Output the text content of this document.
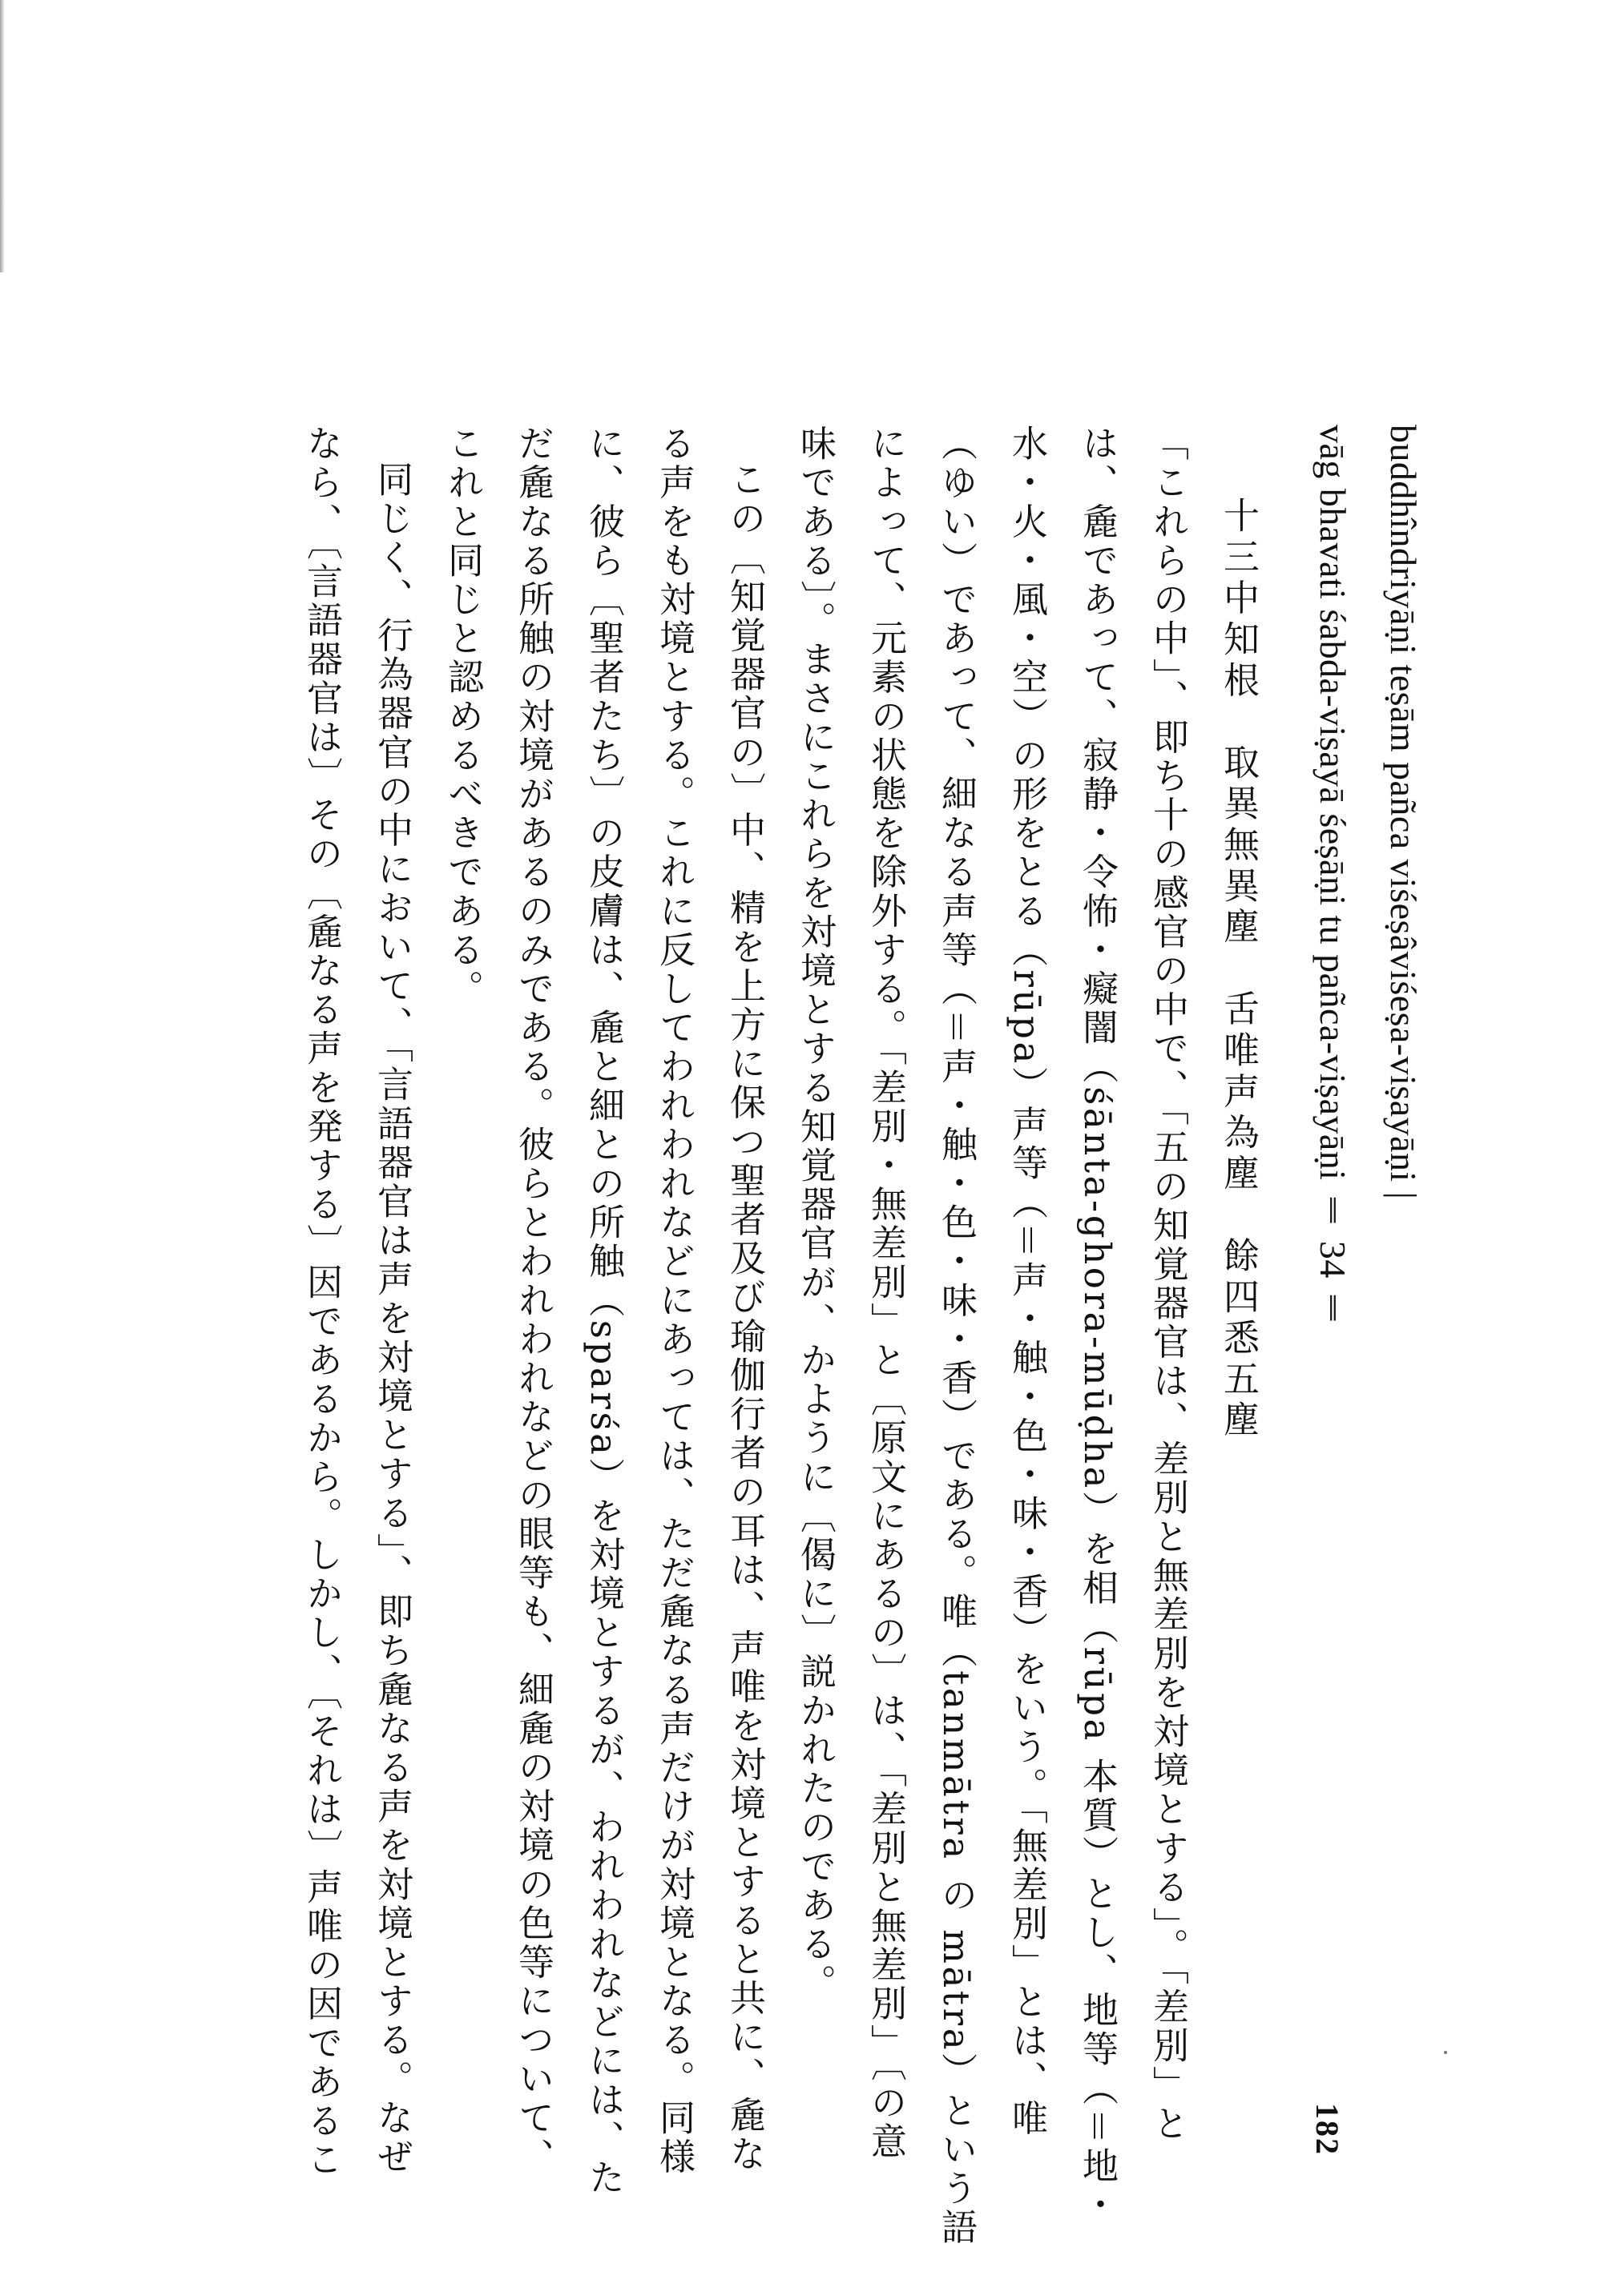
buddhîndriyāṇi teṣām pañca viśeṣâviśeṣa-viṣayāṇi |
vāg bhavati śabda-viṣayā śeṣāṇi tu pañca-viṣayāṇi ‖ 34 ‖
十三中知根　取異無異塵　舌唯声為塵　餘四悉五塵
「これらの中」、即ち十の感官の中で、「五の知覚器官は、差別と無差別を対境とする」。「差別」と
は、麁であって、寂静・令怖・癡闇（śānta-ghora-mūḍha）を相（rūpa 本質）とし、地等（＝地・
水・火・風・空）の形をとる（rūpa）声等（＝声・触・色・味・香）をいう。「無差別」とは、唯
（ゆい）であって、細なる声等（＝声・触・色・味・香）である。唯（tanmātra の mātra）という語
によって、元素の状態を除外する。「差別・無差別」と〔原文にあるの〕は、「差別と無差別」〔の意
味である〕。まさにこれらを対境とする知覚器官が、かように〔偈に〕説かれたのである。
この〔知覚器官の〕中、精を上方に保つ聖者及び瑜伽行者の耳は、声唯を対境とすると共に、麁な
る声をも対境とする。これに反してわれわれなどにあっては、ただ麁なる声だけが対境となる。同様
に、彼ら〔聖者たち〕の皮膚は、麁と細との所触（sparśa）を対境とするが、われわれなどには、た
だ麁なる所触の対境があるのみである。彼らとわれわれなどの眼等も、細麁の対境の色等について、
これと同じと認めるべきである。
同じく、行為器官の中において、「言語器官は声を対境とする」、即ち麁なる声を対境とする。なぜ
なら、〔言語器官は〕その〔麁なる声を発する〕因であるから。しかし、〔それは〕声唯の因であるこ	182
